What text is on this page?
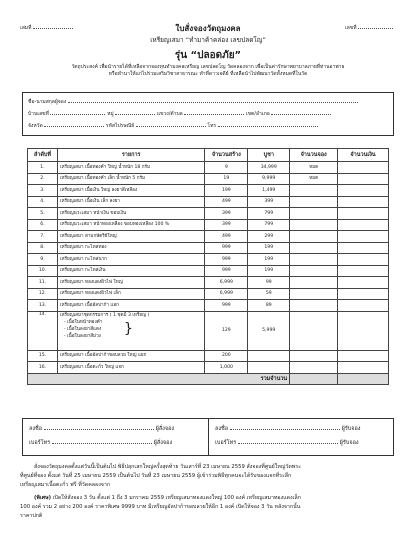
เล่มที่	เลขที่
ใบสั่งจองวัตถุมงคล
เหรียญเสมา “ทำมาค้าคล่อง เลขปลดโญ”
รุ่น “ปลอดภัย”
วัตถุประสงค์ เพื่อนำรายได้ที่เหลือจากจองทุนทำมงคลเหรียญ เลขปลดโญ วัดคลองจาก เพื่อเป็นค่ารักษาพยาบาลภายที่ท่านอาพาธ
หรือทำนาให้แก่ไปร่วมเสริมวิชาสาธารณะ ทำที่ดาวเจดีย์ ที่เหลือนำไปพัฒนาวัดทั้งหมดที่ในวัด
ชื่อ-นามสกุลผู้จอง
บ้านเลขที่	หมู่	แขวง/ตำบล	เขต/อำเภอ
จังหวัด	รหัสไปรษณีย์	โทร
ลำดับที่	รายการ	จำนวนสร้าง	บูชา	จำนวนจอง	จำนวนเงิน
1.	เหรียญเสมา เนื้อทองคำ ใหญ่ น้ำหนัก 18 กรัม	9	34,999	หมด	
2.	เหรียญเสมา เนื้อทองคำ เล็ก น้ำหนัก 5 กรัม	19	9,999	หมด	
3.	เหรียญเสมา เนื้อเงิน ใหญ่ ลงยาสีเหลือง	199	1,499		
4.	เหรียญเสมา เนื้อเงิน เล็ก ลงยา	499	399		
5.	เหรียญนวะเสมา หน้าเงิน ขอบเงิน	399	799		
6.	เหรียญนวะเสมา หน้าทองเหลือง ขอบทองเหลือง 100 %	399	799		
7.	เหรียญเสมา สามกษัตริย์ใหญ่	499	299		
8.	เหรียญเสมา กะไหล่ทอง	999	199		
9.	เหรียญเสมา กะไหล่นาก	999	199		
10.	เหรียญเสมา กะไหล่เงิน	999	199		
11.	เหรียญเสมา ทองแดงผิวไฟ ใหญ่	6,999	99		
12.	เหรียญเสมา ทองแดงผิวไฟ เล็ก	6,999	59		
13.	เหรียญเสมา เนื้ออัลปาก้า แอก	999	89		
14.	เหรียญเสมาชุดกรรมการ ( 1 ชุดมี 3 เหรียญ )
- เนื้อในหน้าทองคำ
- เนื้อในลงยาสีแดง
- เนื้อในลงยาสีม่วง }	129	5,999		
15.	เหรียญเสมา เนื้ออัลปาก้าขอบลวย ใหญ่ แยก	200			
16.	เหรียญเสมา เนื้อตะกั่ว ใหญ่ แจก	1,000			
รวมจำนวน					
ลงชื่อ	ผู้สั่งจอง
เบอร์โทร	ผู้สั่งจอง
ลงชื่อ	ผู้รับจอง
เบอร์โทร	ผู้รับจอง
สั่งจองวัตถุมงคลตั้งแต่วันนี้เป็นต้นไป พิธีปลุกเสกใหญ่ครั้งสุดท้าย วันเสาร์ที่ 23 เมษายน 2559 สั่งจองที่ศูนย์ใหญ่วัดพระ
ที่ศูนย์ที่จอง ตั้งแต่ วันที่ 25 เมษายน 2559 เป็นต้นไป วันที่ 23 เมษายน 2559 ผู้เข้าร่วมพิธีทุกคนจะได้รับของแจกที่ระลึก
เหรียญเสมาเนื้อตะกั่ว ฟรี ที่วัดคลองจาก
(พิเศษ) เปิดให้สั่งจอง 3 วัน ตั้งแต่ 1 ถึง 3 มกราคม 2559 เหรียญเสมาทองแดงใหญ่ 100 องค์ เหรียญเสมาทองแดงเล็ก
100 องค์ รวม 2 อย่าง 200 องค์ ราคาพิเศษ 9999 บาท มีเหรียญอัลปาก้าขอบลวยให้อีก 1 องค์ เปิดให้จอง 3 วัน หลังจากนั้น
ราคาปกติ
